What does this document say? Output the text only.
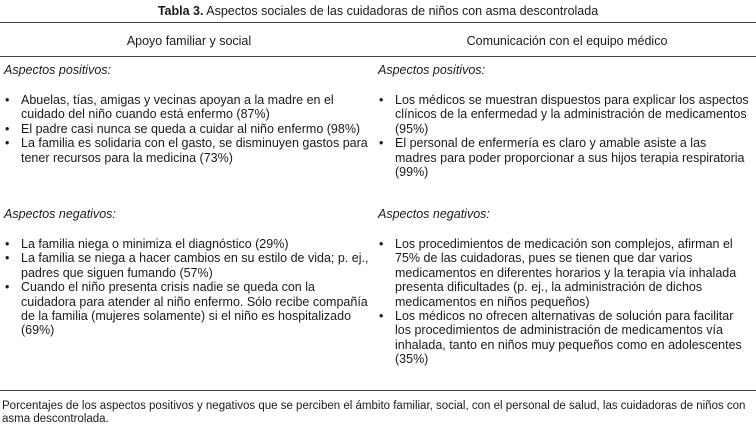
Tabla 3. Aspectos sociales de las cuidadoras de niños con asma descontrolada
Apoyo familiar y social	Comunicación con el equipo médico

Aspectos positivos:

• Abuelas, tías, amigas y vecinas apoyan a la madre en el cuidado del niño cuando está enfermo (87%)
• El padre casi nunca se queda a cuidar al niño enfermo (98%)
• La familia es solidaria con el gasto, se disminuyen gastos para tener recursos para la medicina (73%)

Aspectos negativos:

• La familia niega o minimiza el diagnóstico (29%)
• La familia se niega a hacer cambios en su estilo de vida; p. ej., padres que siguen fumando (57%)
• Cuando el niño presenta crisis nadie se queda con la cuidadora para atender al niño enfermo. Sólo recibe compañía de la familia (mujeres solamente) si el niño es hospitalizado (69%)

Aspectos positivos:

• Los médicos se muestran dispuestos para explicar los aspectos clínicos de la enfermedad y la administración de medicamentos (95%)
• El personal de enfermería es claro y amable asiste a las madres para poder proporcionar a sus hijos terapia respiratoria (99%)

Aspectos negativos:

• Los procedimientos de medicación son complejos, afirman el 75% de las cuidadoras, pues se tienen que dar varios medicamentos en diferentes horarios y la terapia vía inhalada presenta dificultades (p. ej., la administración de dichos medicamentos en niños pequeños)
• Los médicos no ofrecen alternativas de solución para facilitar los procedimientos de administración de medicamentos vía inhalada, tanto en niños muy pequeños como en adolescentes (35%)
Porcentajes de los aspectos positivos y negativos que se perciben el ámbito familiar, social, con el personal de salud, las cuidadoras de niños con asma descontrolada.
